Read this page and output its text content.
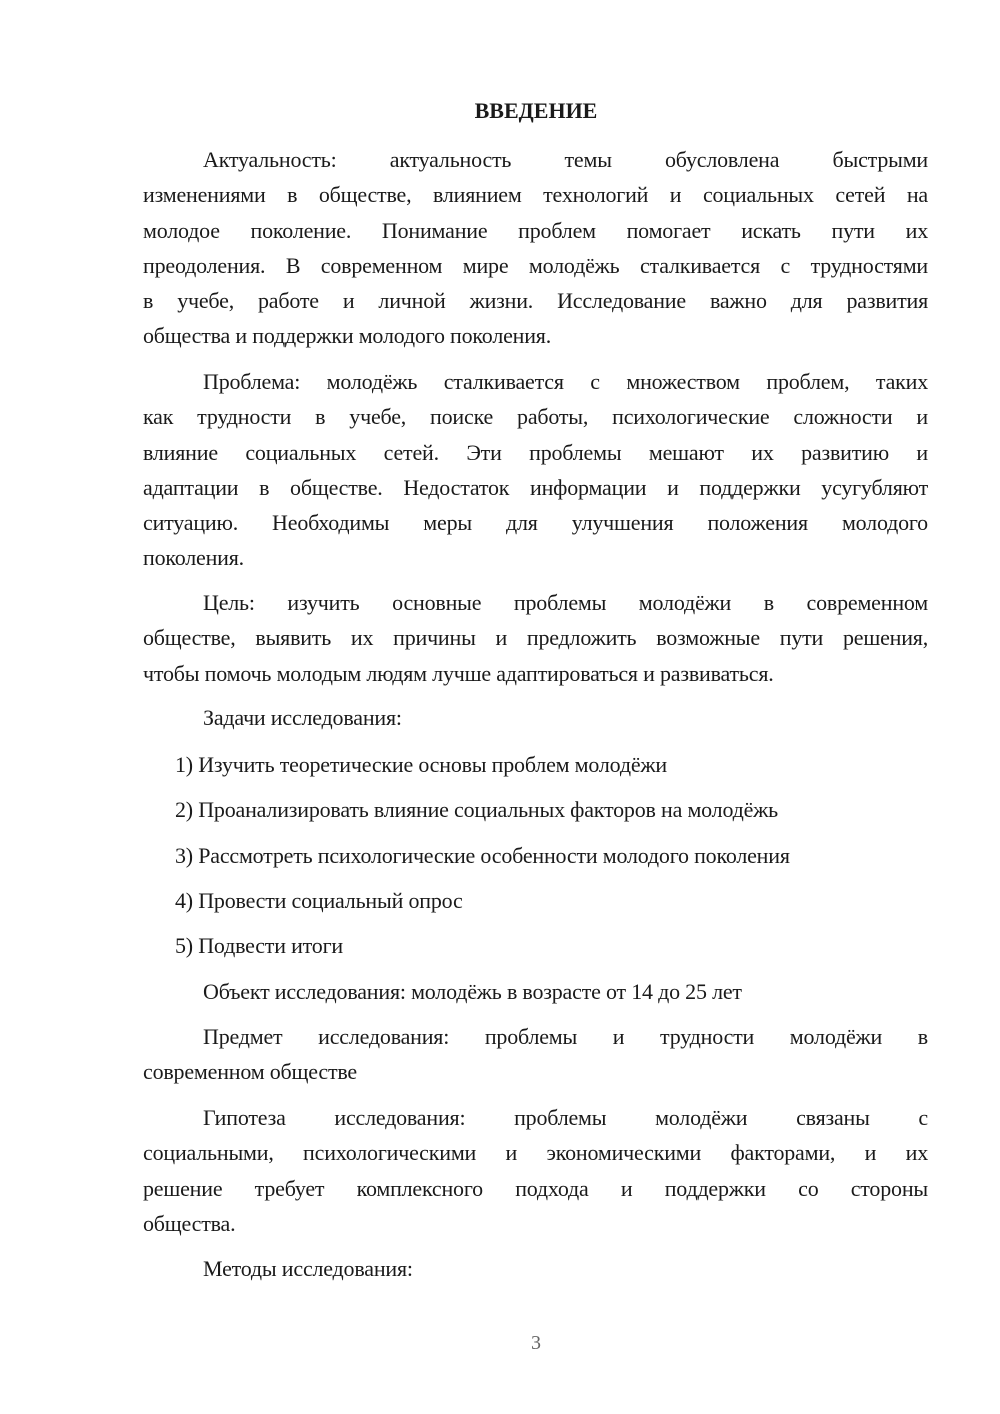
ВВЕДЕНИЕ
Актуальность: актуальность темы обусловлена быстрыми
изменениями в обществе, влиянием технологий и социальных сетей на
молодое поколение. Понимание проблем помогает искать пути их
преодоления. В современном мире молодёжь сталкивается с трудностями
в учебе, работе и личной жизни. Исследование важно для развития
общества и поддержки молодого поколения.
Проблема: молодёжь сталкивается с множеством проблем, таких
как трудности в учебе, поиске работы, психологические сложности и
влияние социальных сетей. Эти проблемы мешают их развитию и
адаптации в обществе. Недостаток информации и поддержки усугубляют
ситуацию. Необходимы меры для улучшения положения молодого
поколения.
Цель: изучить основные проблемы молодёжи в современном
обществе, выявить их причины и предложить возможные пути решения,
чтобы помочь молодым людям лучше адаптироваться и развиваться.
Задачи исследования:
1) Изучить теоретические основы проблем молодёжи
2) Проанализировать влияние социальных факторов на молодёжь
3) Рассмотреть психологические особенности молодого поколения
4) Провести социальный опрос
5) Подвести итоги
Объект исследования: молодёжь в возрасте от 14 до 25 лет
Предмет исследования: проблемы и трудности молодёжи в
современном обществе
Гипотеза исследования: проблемы молодёжи связаны с
социальными, психологическими и экономическими факторами, и их
решение требует комплексного подхода и поддержки со стороны
общества.
Методы исследования:
3
